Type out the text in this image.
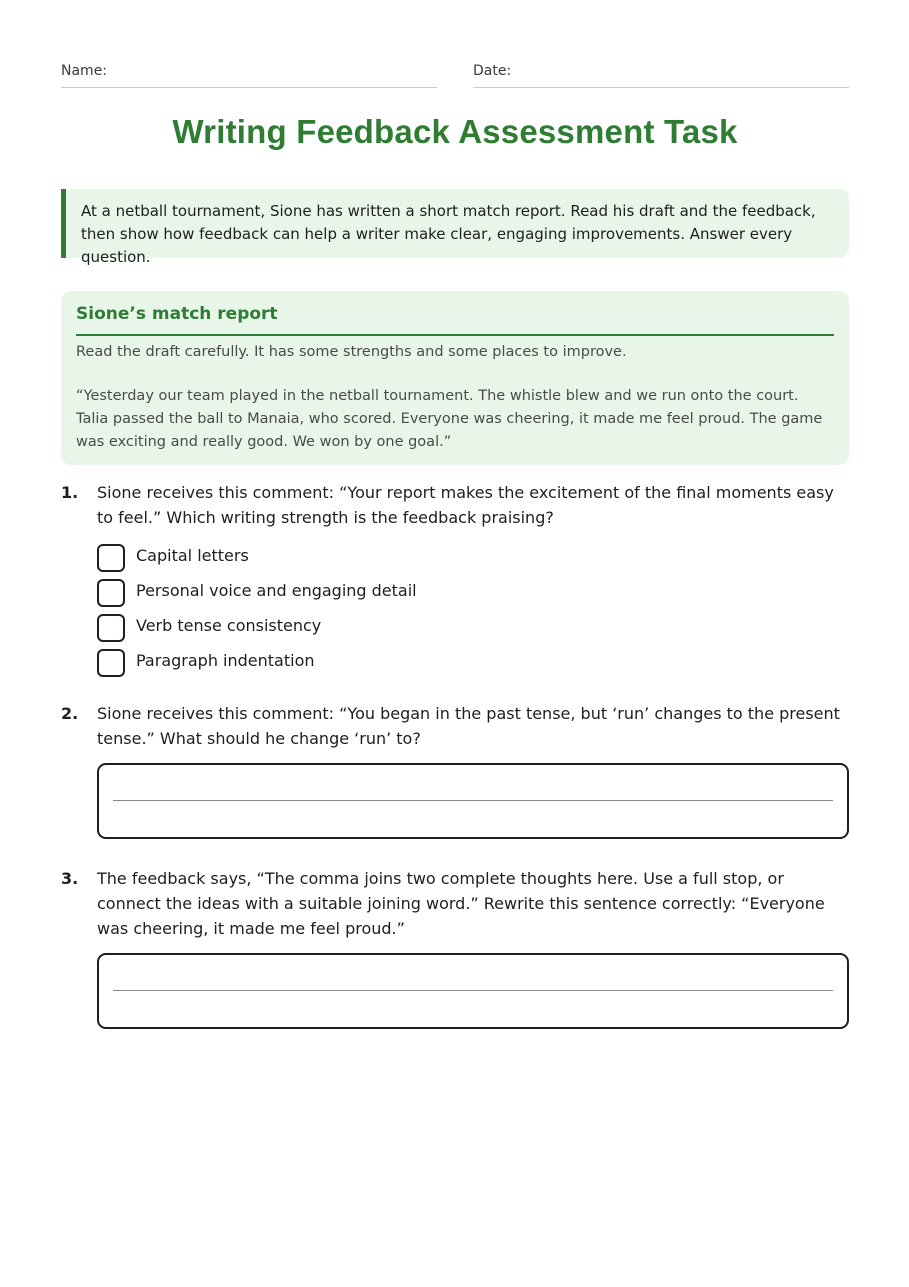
Name:	Date:
Writing Feedback Assessment Task
At a netball tournament, Sione has written a short match report. Read his draft and the feedback, then show how feedback can help a writer make clear, engaging improvements. Answer every question.
Sione’s match report

Read the draft carefully. It has some strengths and some places to improve.

“Yesterday our team played in the netball tournament. The whistle blew and we run onto the court. Talia passed the ball to Manaia, who scored. Everyone was cheering, it made me feel proud. The game was exciting and really good. We won by one goal.”

1. Sione receives this comment: “Your report makes the excitement of the final moments easy to feel.” Which writing strength is the feedback praising?
Capital letters
Personal voice and engaging detail
Verb tense consistency
Paragraph indentation
2. Sione receives this comment: “You began in the past tense, but ‘run’ changes to the present tense.” What should he change ‘run’ to?
3. The feedback says, “The comma joins two complete thoughts here. Use a full stop, or connect the ideas with a suitable joining word.” Rewrite this sentence correctly: “Everyone was cheering, it made me feel proud.”
